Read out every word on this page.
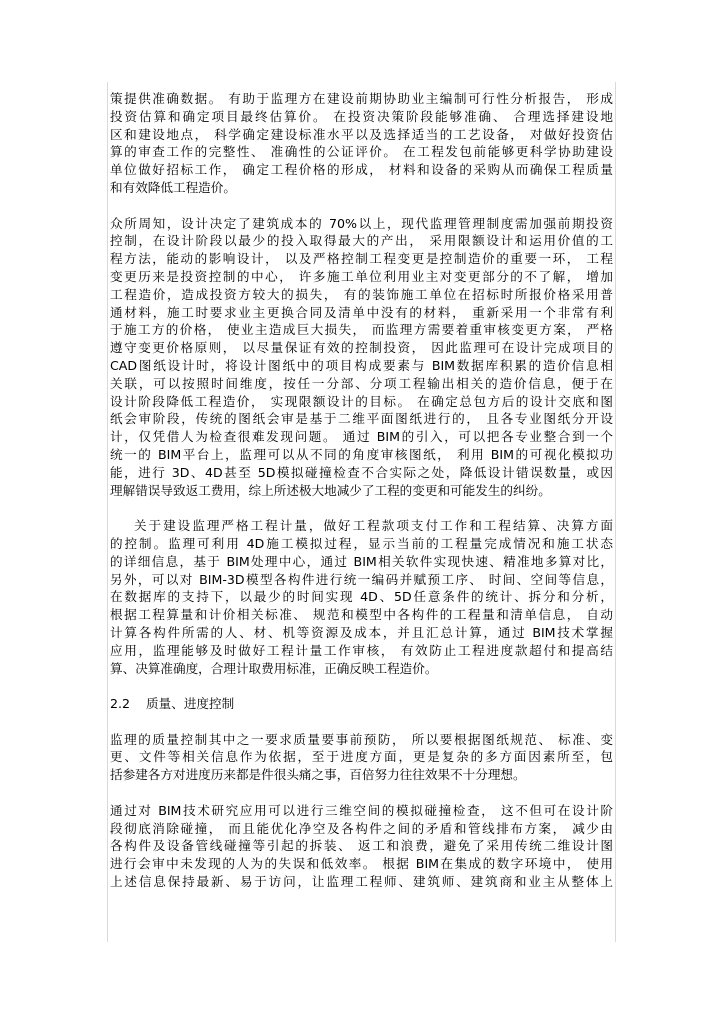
策提供准确数据。 有助于监理方在建设前期协助业主编制可行性分析报告， 形成
投资估算和确定项目最终估算价。 在投资决策阶段能够准确、 合理选择建设地
区和建设地点， 科学确定建设标准水平以及选择适当的工艺设备， 对做好投资估
算的审查工作的完整性、 准确性的公证评价。 在工程发包前能够更科学协助建设
单位做好招标工作， 确定工程价格的形成， 材料和设备的采购从而确保工程质量
和有效降低工程造价。
众所周知，设计决定了建筑成本的 70%以上，现代监理管理制度需加强前期投资
控制，在设计阶段以最少的投入取得最大的产出， 采用限额设计和运用价值的工
程方法，能动的影响设计， 以及严格控制工程变更是控制造价的重要一环， 工程
变更历来是投资控制的中心， 许多施工单位利用业主对变更部分的不了解， 增加
工程造价，造成投资方较大的损失， 有的装饰施工单位在招标时所报价格采用普
通材料，施工时要求业主更换合同及清单中没有的材料， 重新采用一个非常有利
于施工方的价格， 使业主造成巨大损失， 而监理方需要着重审核变更方案， 严格
遵守变更价格原则， 以尽量保证有效的控制投资， 因此监理可在设计完成项目的
CAD图纸设计时，将设计图纸中的项目构成要素与 BIM数据库积累的造价信息相
关联，可以按照时间维度，按任一分部、分项工程输出相关的造价信息，便于在
设计阶段降低工程造价， 实现限额设计的目标。 在确定总包方后的设计交底和图
纸会审阶段，传统的图纸会审是基于二维平面图纸进行的， 且各专业图纸分开设
计，仅凭借人为检查很难发现问题。 通过 BIM的引入，可以把各专业整合到一个
统一的 BIM平台上，监理可以从不同的角度审核图纸， 利用 BIM的可视化模拟功
能，进行 3D、4D甚至 5D模拟碰撞检查不合实际之处，降低设计错误数量，或因
理解错误导致返工费用，综上所述极大地减少了工程的变更和可能发生的纠纷。
关于建设监理严格工程计量，做好工程款项支付工作和工程结算、决算方面
的控制。监理可利用 4D施工模拟过程，显示当前的工程量完成情况和施工状态
的详细信息，基于 BIM处理中心，通过 BIM相关软件实现快速、精准地多算对比，
另外，可以对 BIM-3D模型各构件进行统一编码并赋预工序、 时间、空间等信息，
在数据库的支持下，以最少的时间实现 4D、5D任意条件的统计、拆分和分析，
根据工程算量和计价相关标准、 规范和模型中各构件的工程量和清单信息， 自动
计算各构件所需的人、材、机等资源及成本，并且汇总计算，通过 BIM技术掌握
应用，监理能够及时做好工程计量工作审核， 有效防止工程进度款超付和提高结
算、决算准确度，合理计取费用标准，正确反映工程造价。
2.2    质量、进度控制
监理的质量控制其中之一要求质量要事前预防， 所以要根据图纸规范、 标准、变
更、文件等相关信息作为依据，至于进度方面，更是复杂的多方面因素所至，包
括参建各方对进度历来都是件很头痛之事，百倍努力往往效果不十分理想。
通过对 BIM技术研究应用可以进行三维空间的模拟碰撞检查， 这不但可在设计阶
段彻底消除碰撞， 而且能优化净空及各构件之间的矛盾和管线排布方案， 减少由
各构件及设备管线碰撞等引起的拆装、 返工和浪费，避免了采用传统二维设计图
进行会审中未发现的人为的失误和低效率。 根据 BIM在集成的数字环境中， 使用
上述信息保持最新、易于访问，让监理工程师、建筑师、建筑商和业主从整体上
